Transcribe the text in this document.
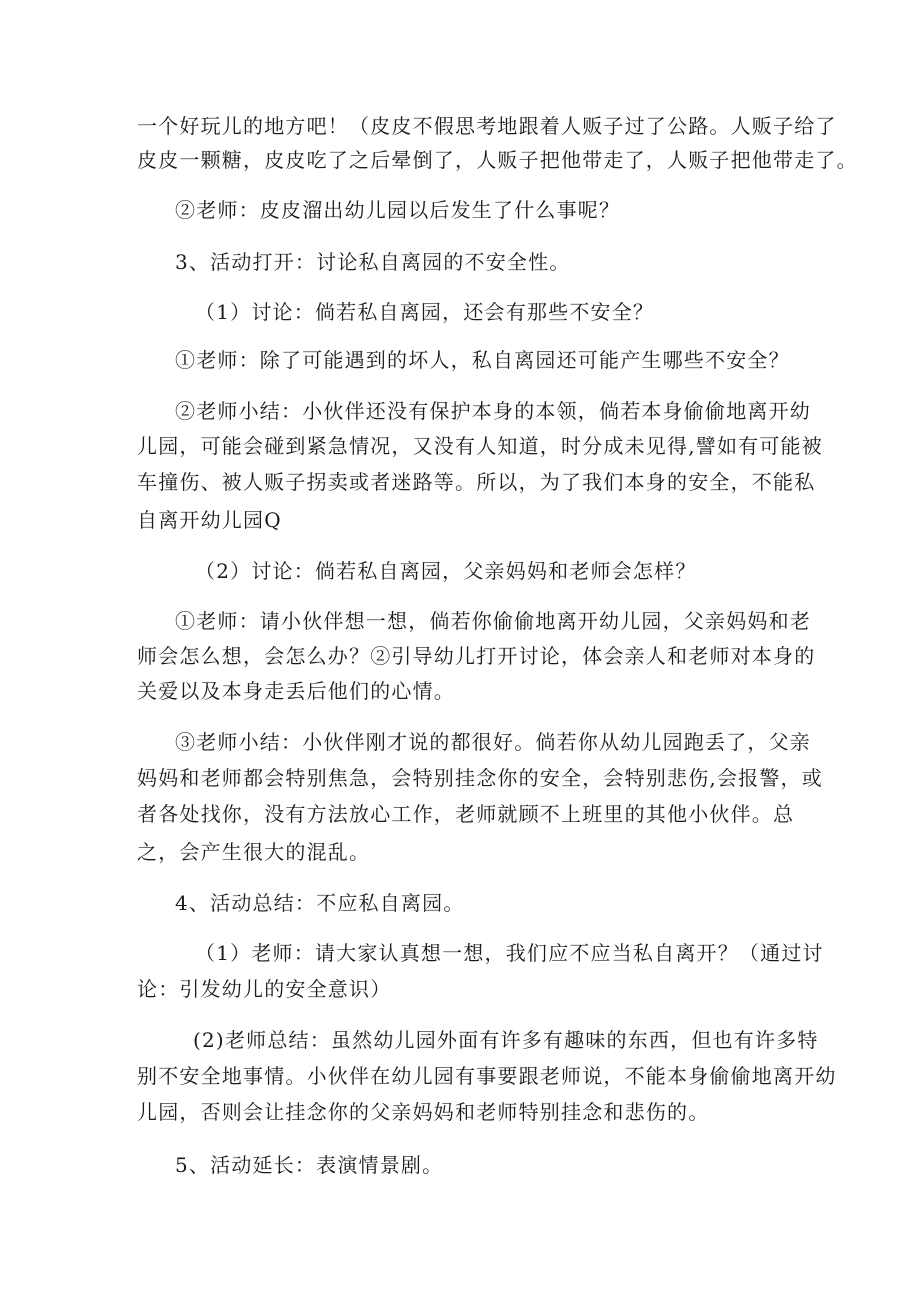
一个好玩儿的地方吧！（皮皮不假思考地跟着人贩子过了公路。人贩子给了
皮皮一颗糖，皮皮吃了之后晕倒了，人贩子把他带走了，人贩子把他带走了。
②老师：皮皮溜出幼儿园以后发生了什么事呢？
3、活动打开：讨论私自离园的不安全性。
（1）讨论：倘若私自离园，还会有那些不安全？
①老师：除了可能遇到的坏人，私自离园还可能产生哪些不安全？
②老师小结：小伙伴还没有保护本身的本领，倘若本身偷偷地离开幼
儿园，可能会碰到紧急情况，又没有人知道，时分成未见得,譬如有可能被
车撞伤、被人贩子拐卖或者迷路等。所以，为了我们本身的安全，不能私
自离开幼儿园Q
（2）讨论：倘若私自离园，父亲妈妈和老师会怎样？
①老师：请小伙伴想一想，倘若你偷偷地离开幼儿园，父亲妈妈和老
师会怎么想，会怎么办？②引导幼儿打开讨论，体会亲人和老师对本身的
关爱以及本身走丢后他们的心情。
③老师小结：小伙伴刚才说的都很好。倘若你从幼儿园跑丢了，父亲
妈妈和老师都会特别焦急，会特别挂念你的安全，会特别悲伤,会报警，或
者各处找你，没有方法放心工作，老师就顾不上班里的其他小伙伴。总
之，会产生很大的混乱。
4、活动总结：不应私自离园。
（1）老师：请大家认真想一想，我们应不应当私自离开？（通过讨
论：引发幼儿的安全意识）
(2)老师总结：虽然幼儿园外面有许多有趣味的东西，但也有许多特
别不安全地事情。小伙伴在幼儿园有事要跟老师说，不能本身偷偷地离开幼
儿园，否则会让挂念你的父亲妈妈和老师特别挂念和悲伤的。
5、活动延长：表演情景剧。
